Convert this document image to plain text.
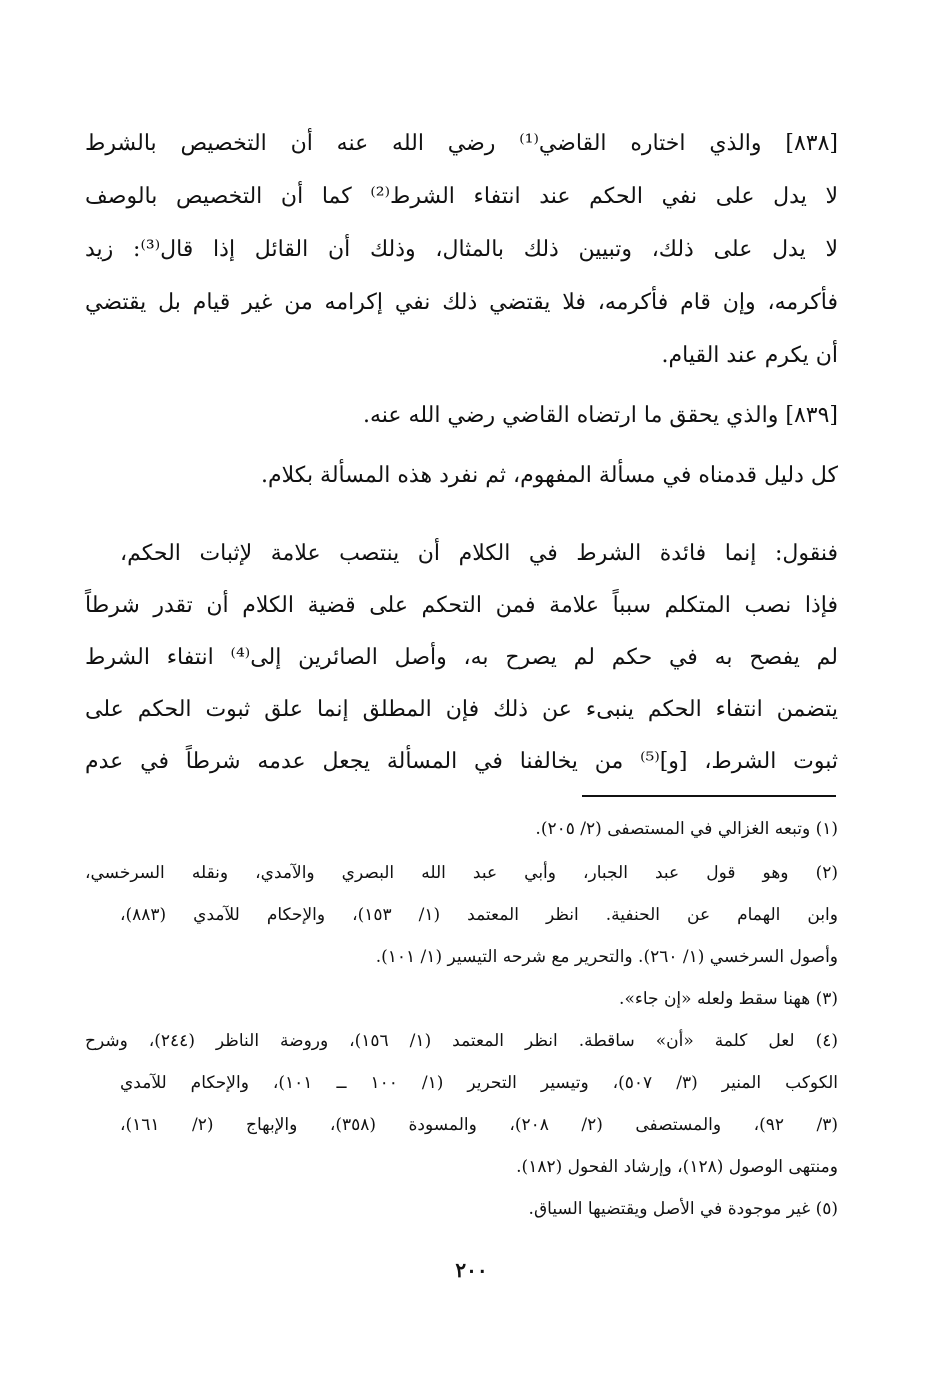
[٨٣٨] والذي اختاره القاضي⁽¹⁾ رضي الله عنه أن التخصيص بالشرط
لا يدل على نفي الحكم عند انتفاء الشرط⁽²⁾ كما أن التخصيص بالوصف
لا يدل على ذلك، وتبيين ذلك بالمثال، وذلك أن القائل إذا قال⁽³⁾: زيد
فأكرمه، وإن قام فأكرمه، فلا يقتضي ذلك نفي إكرامه من غير قيام بل يقتضي
أن يكرم عند القيام.
[٨٣٩] والذي يحقق ما ارتضاه القاضي رضي الله عنه.
كل دليل قدمناه في مسألة المفهوم، ثم نفرد هذه المسألة بكلام.
فنقول: إنما فائدة الشرط في الكلام أن ينتصب علامة لإثبات الحكم،
فإذا نصب المتكلم سبباً علامة فمن التحكم على قضية الكلام أن تقدر شرطاً
لم يفصح به في حكم لم يصرح به، وأصل الصائرين إلى⁽⁴⁾ انتفاء الشرط
يتضمن انتفاء الحكم ينبىء عن ذلك فإن المطلق إنما علق ثبوت الحكم على
ثبوت الشرط، [و]⁽⁵⁾ من يخالفنا في المسألة يجعل عدمه شرطاً في عدم
(١) وتبعه الغزالي في المستصفى (٢/ ٢٠٥).
(٢) وهو قول عبد الجبار، وأبي عبد الله البصري والآمدي، ونقله السرخسي،
وابن الهمام عن الحنفية. انظر المعتمد (١/ ١٥٣)، والإحكام للآمدي (٨٨٣)،
وأصول السرخسي (١/ ٢٦٠). والتحرير مع شرحه التيسير (١/ ١٠١).
(٣) ههنا سقط ولعله «إن جاء».
(٤) لعل كلمة «أن» ساقطة. انظر المعتمد (١/ ١٥٦)، وروضة الناظر (٢٤٤)، وشرح
الكوكب المنير (٣/ ٥٠٧)، وتيسير التحرير (١/ ١٠٠ ــ ١٠١)، والإحكام للآمدي
(٣/ ٩٢)، والمستصفى (٢/ ٢٠٨)، والمسودة (٣٥٨)، والإبهاج (٢/ ١٦١)،
ومنتهى الوصول (١٢٨)، وإرشاد الفحول (١٨٢).
(٥) غير موجودة في الأصل ويقتضيها السياق.
٢٠٠
